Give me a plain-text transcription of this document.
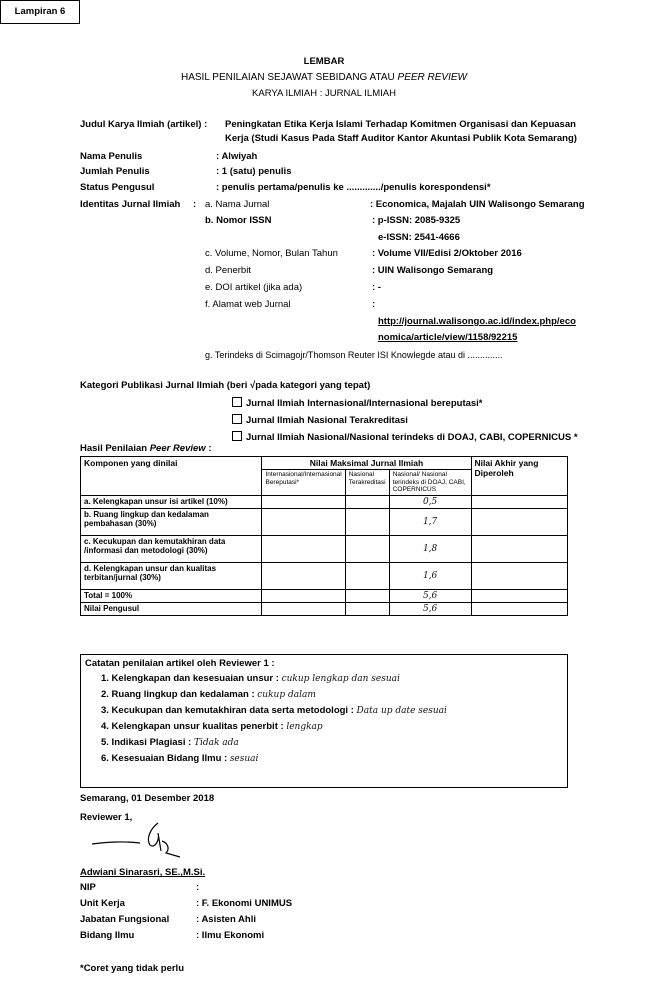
Lampiran 6
LEMBAR
HASIL PENILAIAN SEJAWAT SEBIDANG ATAU PEER REVIEW
KARYA ILMIAH : JURNAL ILMIAH
Judul Karya Ilmiah (artikel) : Peningkatan Etika Kerja Islami Terhadap Komitmen Organisasi dan Kepuasan
Kerja (Studi Kasus Pada Staff Auditor Kantor Akuntasi Publik Kota Semarang)
Nama Penulis	: Alwiyah
Jumlah Penulis	: 1 (satu) penulis
Status Pengusul	: penulis pertama/penulis ke ............./penulis korespondensi*
Identitas Jurnal Ilmiah : a. Nama Jurnal	: Economica, Majalah UIN Walisongo Semarang
b. Nomor ISSN	: p-ISSN: 2085-9325
e-ISSN: 2541-4666
c. Volume, Nomor, Bulan Tahun	: Volume VII/Edisi 2/Oktober 2016
d. Penerbit	: UIN Walisongo Semarang
e. DOI artikel (jika ada)	: -
f. Alamat web Jurnal	:
http://journal.walisongo.ac.id/index.php/eco
nomica/article/view/1158/92215
g. Terindeks di Scimagojr/Thomson Reuter ISI Knowlegde atau di ..............
Kategori Publikasi Jurnal Ilmiah (beri √pada kategori yang tepat)
Jurnal Ilmiah Internasional/Internasional bereputasi*
Jurnal Ilmiah Nasional Terakreditasi
Jurnal Ilmiah Nasional/Nasional terindeks di DOAJ, CABI, COPERNICUS *
Hasil Penilaian Peer Review :
Komponen yang dinilai	Nilai Maksimal Jurnal Ilmiah			Nilai Akhir yang Diperoleh
	Internasional/Internasional Bereputasi*	Nasional Terakreditasi	Nasional/ Nasional terindeks di DOAJ, CABI, COPERNICUS	
a. Kelengkapan unsur isi artikel (10%)			0,5	
b. Ruang lingkup dan kedalaman pembahasan (30%)			1,7	
c. Kecukupan dan kemutakhiran data /informasi dan metodologi (30%)			1,8	
d. Kelengkapan unsur dan kualitas terbitan/jurnal (30%)			1,6	
Total = 100%			5,6	
Nilai Pengusul			5,6	
Catatan penilaian artikel oleh Reviewer 1 :
1. Kelengkapan dan kesesuaian unsur : cukup lengkap dan sesuai
2. Ruang lingkup dan kedalaman : cukup dalam
3. Kecukupan dan kemutakhiran data serta metodologi : Data up date sesuai
4. Kelengkapan unsur kualitas penerbit : lengkap
5. Indikasi Plagiasi : Tidak ada
6. Kesesuaian Bidang Ilmu : sesuai
Semarang, 01 Desember 2018
Reviewer 1,
Adwiani Sinarasri, SE.,M.Si.
NIP	:
Unit Kerja	: F. Ekonomi UNIMUS
Jabatan Fungsional	: Asisten Ahli
Bidang Ilmu	: Ilmu Ekonomi
*Coret yang tidak perlu
